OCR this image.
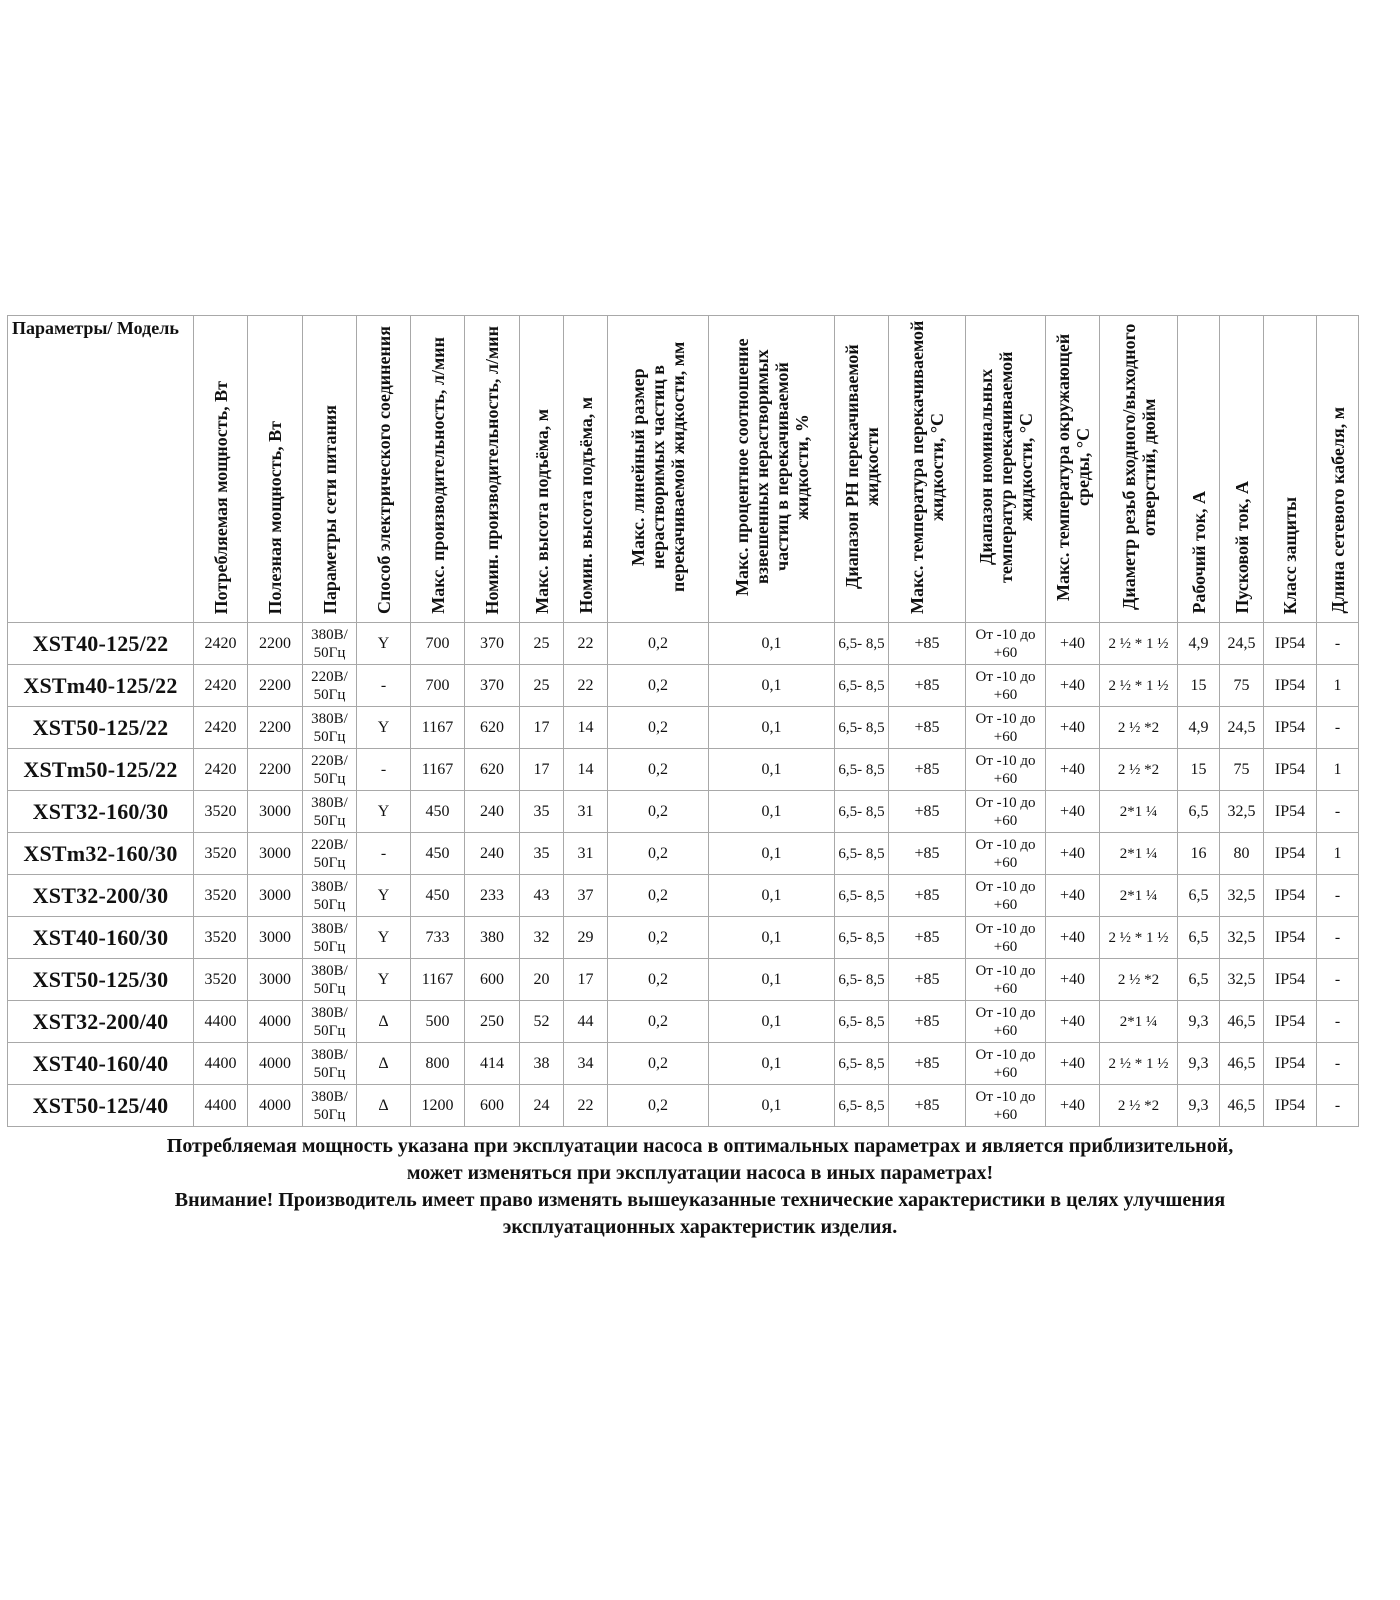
Параметры/ Модель	Потребляемая мощность, Вт	Полезная мощность, Вт	Параметры сети питания	Способ электрического соединения	Макс. производительность, л/мин	Номин. производительность, л/мин	Макс. высота подъёма, м	Номин. высота подъёма, м	Макс. линейный размер нерастворимых частиц в перекачиваемой жидкости, мм	Макс. процентное соотношение взвешенных нерастворимых частиц в перекачиваемой жидкости, %	Диапазон PH перекачиваемой жидкости	Макс. температура перекачиваемой жидкости, °C	Диапазон номинальных температур перекачиваемой жидкости, °C	Макс. температура окружающей среды, °C	Диаметр резьб входного/выходного отверстий, дюйм	Рабочий ток, А	Пусковой ток, А	Класс защиты	Длина сетевого кабеля, м
XST40-125/22	2420	2200	380В/ 50Гц	Y	700	370	25	22	0,2	0,1	6,5- 8,5	+85	От -10 до +60	+40	2 ½ * 1 ½	4,9	24,5	IP54	-
XSTm40-125/22	2420	2200	220В/ 50Гц	-	700	370	25	22	0,2	0,1	6,5- 8,5	+85	От -10 до +60	+40	2 ½ * 1 ½	15	75	IP54	1
XST50-125/22	2420	2200	380В/ 50Гц	Y	1167	620	17	14	0,2	0,1	6,5- 8,5	+85	От -10 до +60	+40	2 ½ *2	4,9	24,5	IP54	-
XSTm50-125/22	2420	2200	220В/ 50Гц	-	1167	620	17	14	0,2	0,1	6,5- 8,5	+85	От -10 до +60	+40	2 ½ *2	15	75	IP54	1
XST32-160/30	3520	3000	380В/ 50Гц	Y	450	240	35	31	0,2	0,1	6,5- 8,5	+85	От -10 до +60	+40	2*1 ¼	6,5	32,5	IP54	-
XSTm32-160/30	3520	3000	220В/ 50Гц	-	450	240	35	31	0,2	0,1	6,5- 8,5	+85	От -10 до +60	+40	2*1 ¼	16	80	IP54	1
XST32-200/30	3520	3000	380В/ 50Гц	Y	450	233	43	37	0,2	0,1	6,5- 8,5	+85	От -10 до +60	+40	2*1 ¼	6,5	32,5	IP54	-
XST40-160/30	3520	3000	380В/ 50Гц	Y	733	380	32	29	0,2	0,1	6,5- 8,5	+85	От -10 до +60	+40	2 ½ * 1 ½	6,5	32,5	IP54	-
XST50-125/30	3520	3000	380В/ 50Гц	Y	1167	600	20	17	0,2	0,1	6,5- 8,5	+85	От -10 до +60	+40	2 ½ *2	6,5	32,5	IP54	-
XST32-200/40	4400	4000	380В/ 50Гц	Δ	500	250	52	44	0,2	0,1	6,5- 8,5	+85	От -10 до +60	+40	2*1 ¼	9,3	46,5	IP54	-
XST40-160/40	4400	4000	380В/ 50Гц	Δ	800	414	38	34	0,2	0,1	6,5- 8,5	+85	От -10 до +60	+40	2 ½ * 1 ½	9,3	46,5	IP54	-
XST50-125/40	4400	4000	380В/ 50Гц	Δ	1200	600	24	22	0,2	0,1	6,5- 8,5	+85	От -10 до +60	+40	2 ½ *2	9,3	46,5	IP54	-

Потребляемая мощность указана при эксплуатации насоса в оптимальных параметрах и является приблизительной,

может изменяться при эксплуатации насоса в иных параметрах!

Внимание! Производитель имеет право изменять вышеуказанные технические характеристики в целях улучшения

эксплуатационных характеристик изделия.
